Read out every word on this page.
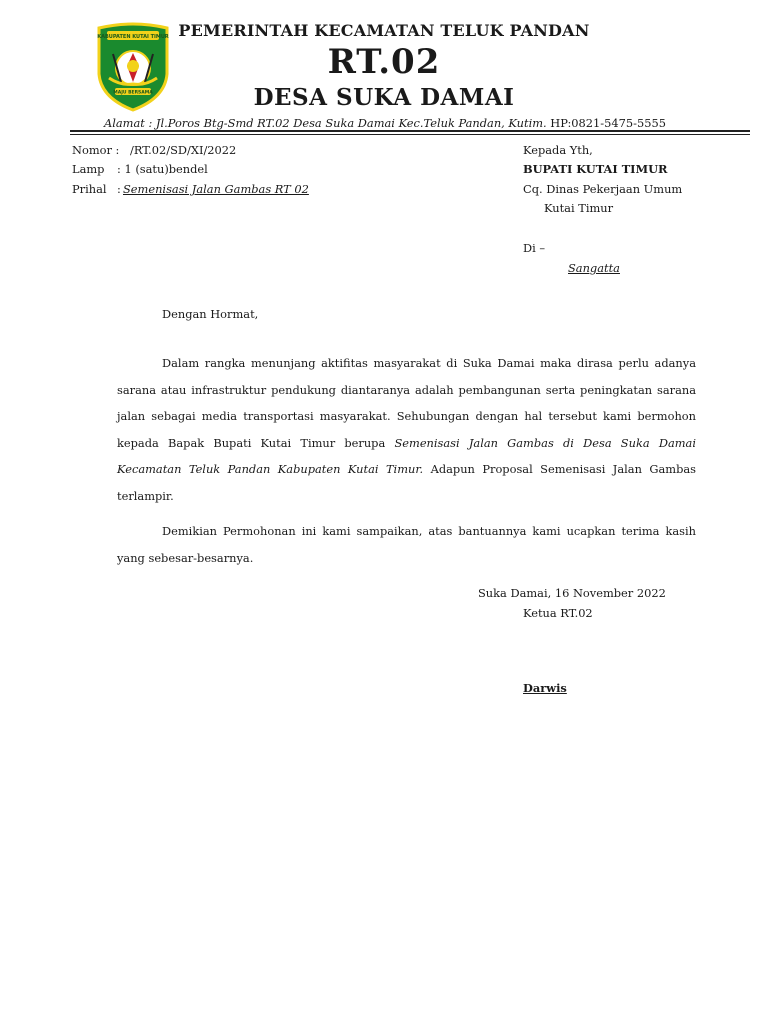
KABUPATEN KUTAI TIMUR
MAJU BERSAMA
PEMERINTAH KECAMATAN TELUK PANDAN
RT.02
DESA SUKA DAMAI
Alamat : Jl.Poros Btg-Smd RT.02 Desa Suka Damai Kec.Teluk Pandan, Kutim. HP:0821-5475-5555
Nomor : /RT.02/SD/XI/2022
Lamp : 1 (satu)bendel
Prihal : Semenisasi Jalan Gambas RT 02
Kepada Yth,
BUPATI KUTAI TIMUR
Cq. Dinas Pekerjaan Umum
Kutai Timur
Di –
Sangatta
Dengan Hormat,
Dalam rangka menunjang aktifitas masyarakat di Suka Damai maka dirasa perlu adanya
sarana atau infrastruktur pendukung diantaranya adalah pembangunan serta peningkatan sarana
jalan sebagai media transportasi masyarakat. Sehubungan dengan hal tersebut kami bermohon
kepada Bapak Bupati Kutai Timur berupa Semenisasi Jalan Gambas di Desa Suka Damai
Kecamatan Teluk Pandan Kabupaten Kutai Timur. Adapun Proposal Semenisasi Jalan Gambas
terlampir.
Demikian Permohonan ini kami sampaikan, atas bantuannya kami ucapkan terima kasih
yang sebesar-besarnya.
Suka Damai, 16 November 2022
Ketua RT.02
Darwis
